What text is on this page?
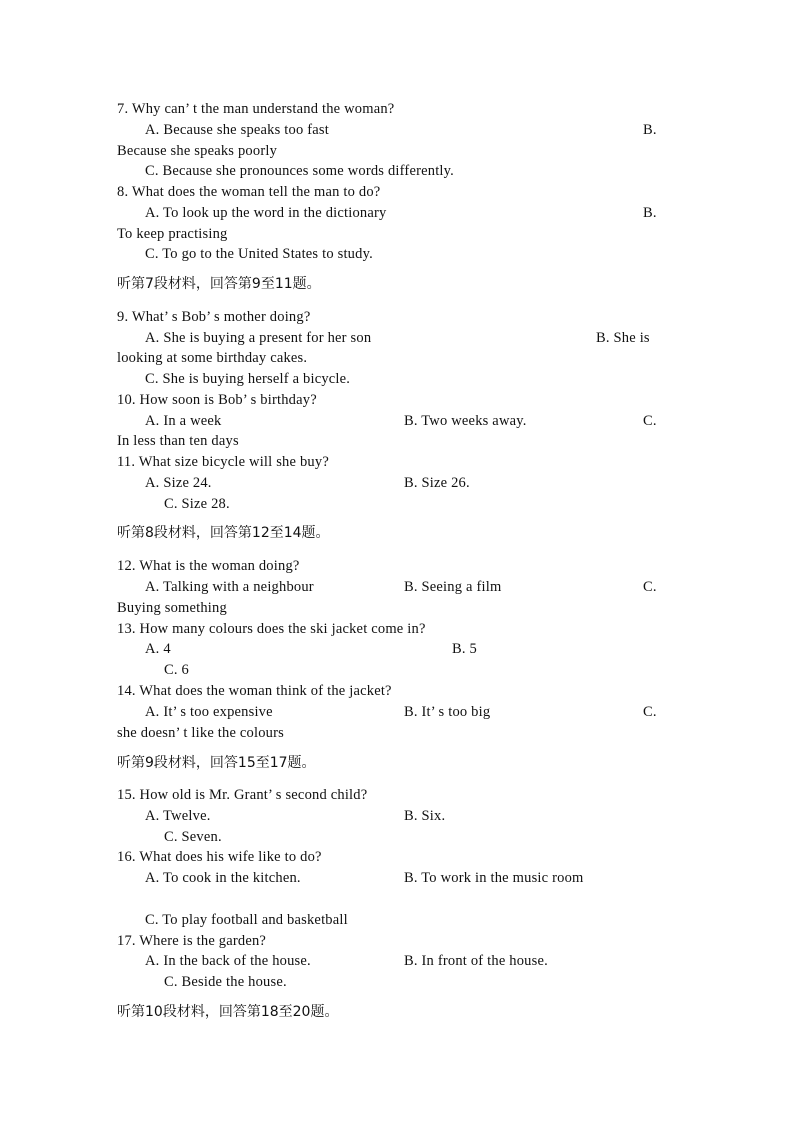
7. Why can’ t the man understand the woman?
A. Because she speaks too fast	B.
Because she speaks poorly
C. Because she pronounces some words differently.
8. What does the woman tell the man to do?
A. To look up the word in the dictionary	B.
To keep practising
C. To go to the United States to study.
听第7段材料，回答第9至11题。
9. What’ s Bob’ s mother doing?
A. She is buying a present for her son	B. She is
looking at some birthday cakes.
C. She is buying herself a bicycle.
10. How soon is Bob’ s birthday?
A. In a week	B. Two weeks away.	C.
In less than ten days
11. What size bicycle will she buy?
A. Size 24.	B. Size 26.
C. Size 28.
听第8段材料，回答第12至14题。
12. What is the woman doing?
A. Talking with a neighbour	B. Seeing a film	C.
Buying something
13. How many colours does the ski jacket come in?
A. 4	B. 5
C. 6
14. What does the woman think of the jacket?
A. It’ s too expensive	B. It’ s too big	C.
she doesn’ t like the colours
听第9段材料，回答15至17题。
15. How old is Mr. Grant’ s second child?
A. Twelve.	B. Six.
C. Seven.
16. What does his wife like to do?
A. To cook in the kitchen.	B. To work in the music room
C. To play football and basketball
17. Where is the garden?
A. In the back of the house.	B. In front of the house.
C. Beside the house.
听第10段材料，回答第18至20题。
